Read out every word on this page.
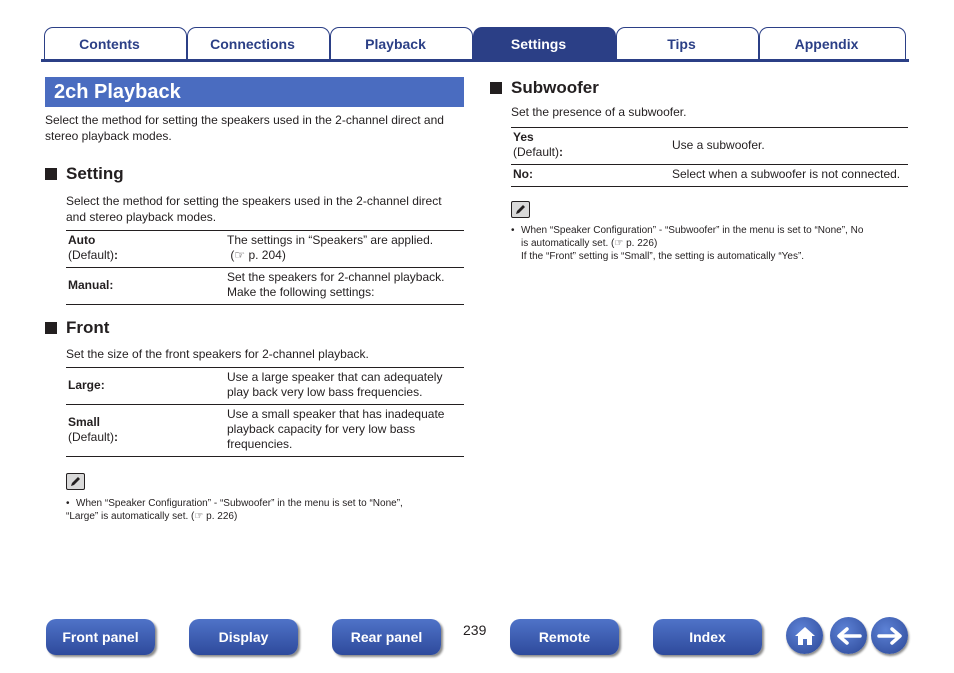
Contents	Connections	Playback	Settings	Tips	Appendix
2ch Playback
Select the method for setting the speakers used in the 2-channel direct and stereo playback modes.
Setting
Select the method for setting the speakers used in the 2-channel direct and stereo playback modes.
Auto
(Default):	The settings in “Speakers” are applied.
(☞ p. 204)
Manual:	Set the speakers for 2-channel playback. Make the following settings:
Front
Set the size of the front speakers for 2-channel playback.
Large:	Use a large speaker that can adequately play back very low bass frequencies.

Small
(Default):	Use a small speaker that has inadequate playback capacity for very low bass frequencies.
• When “Speaker Configuration” - “Subwoofer” in the menu is set to “None”,
“Large” is automatically set. (☞ p. 226)
Subwoofer
Set the presence of a subwoofer.
Yes
(Default):	Use a subwoofer.
No:	Select when a subwoofer is not connected.
• When “Speaker Configuration” - “Subwoofer” in the menu is set to “None”, No
is automatically set. (☞ p. 226)
If the “Front” setting is “Small”, the setting is automatically “Yes”.
Front panel	Display	Rear panel	239	Remote	Index
